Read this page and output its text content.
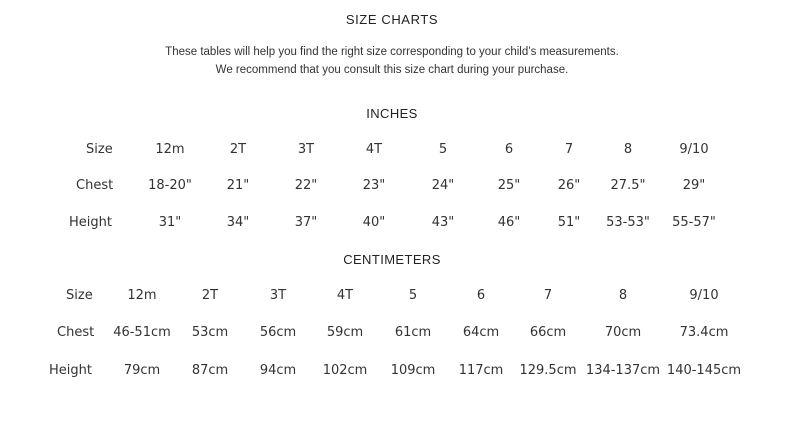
SIZE CHARTS
These tables will help you find the right size corresponding to your child’s measurements.
We recommend that you consult this size chart during your purchase.
INCHES
Size	12m	2T	3T	4T	5	6	7	8	9/10
Chest	18-20"	21"	22"	23"	24"	25"	26" 27.5"	29"
Height	31"	34"	37"	40"	43"	46"	51" 53-53" 55-57"
CENTIMETERS
Size	12m	2T	3T	4T	5	6	7	8	9/10
Chest 46-51cm 53cm 56cm 59cm 61cm 64cm 66cm	70cm	73.4cm
Height 79cm 87cm 94cm 102cm 109cm 117cm 129.5cm 134-137cm 140-145cm
